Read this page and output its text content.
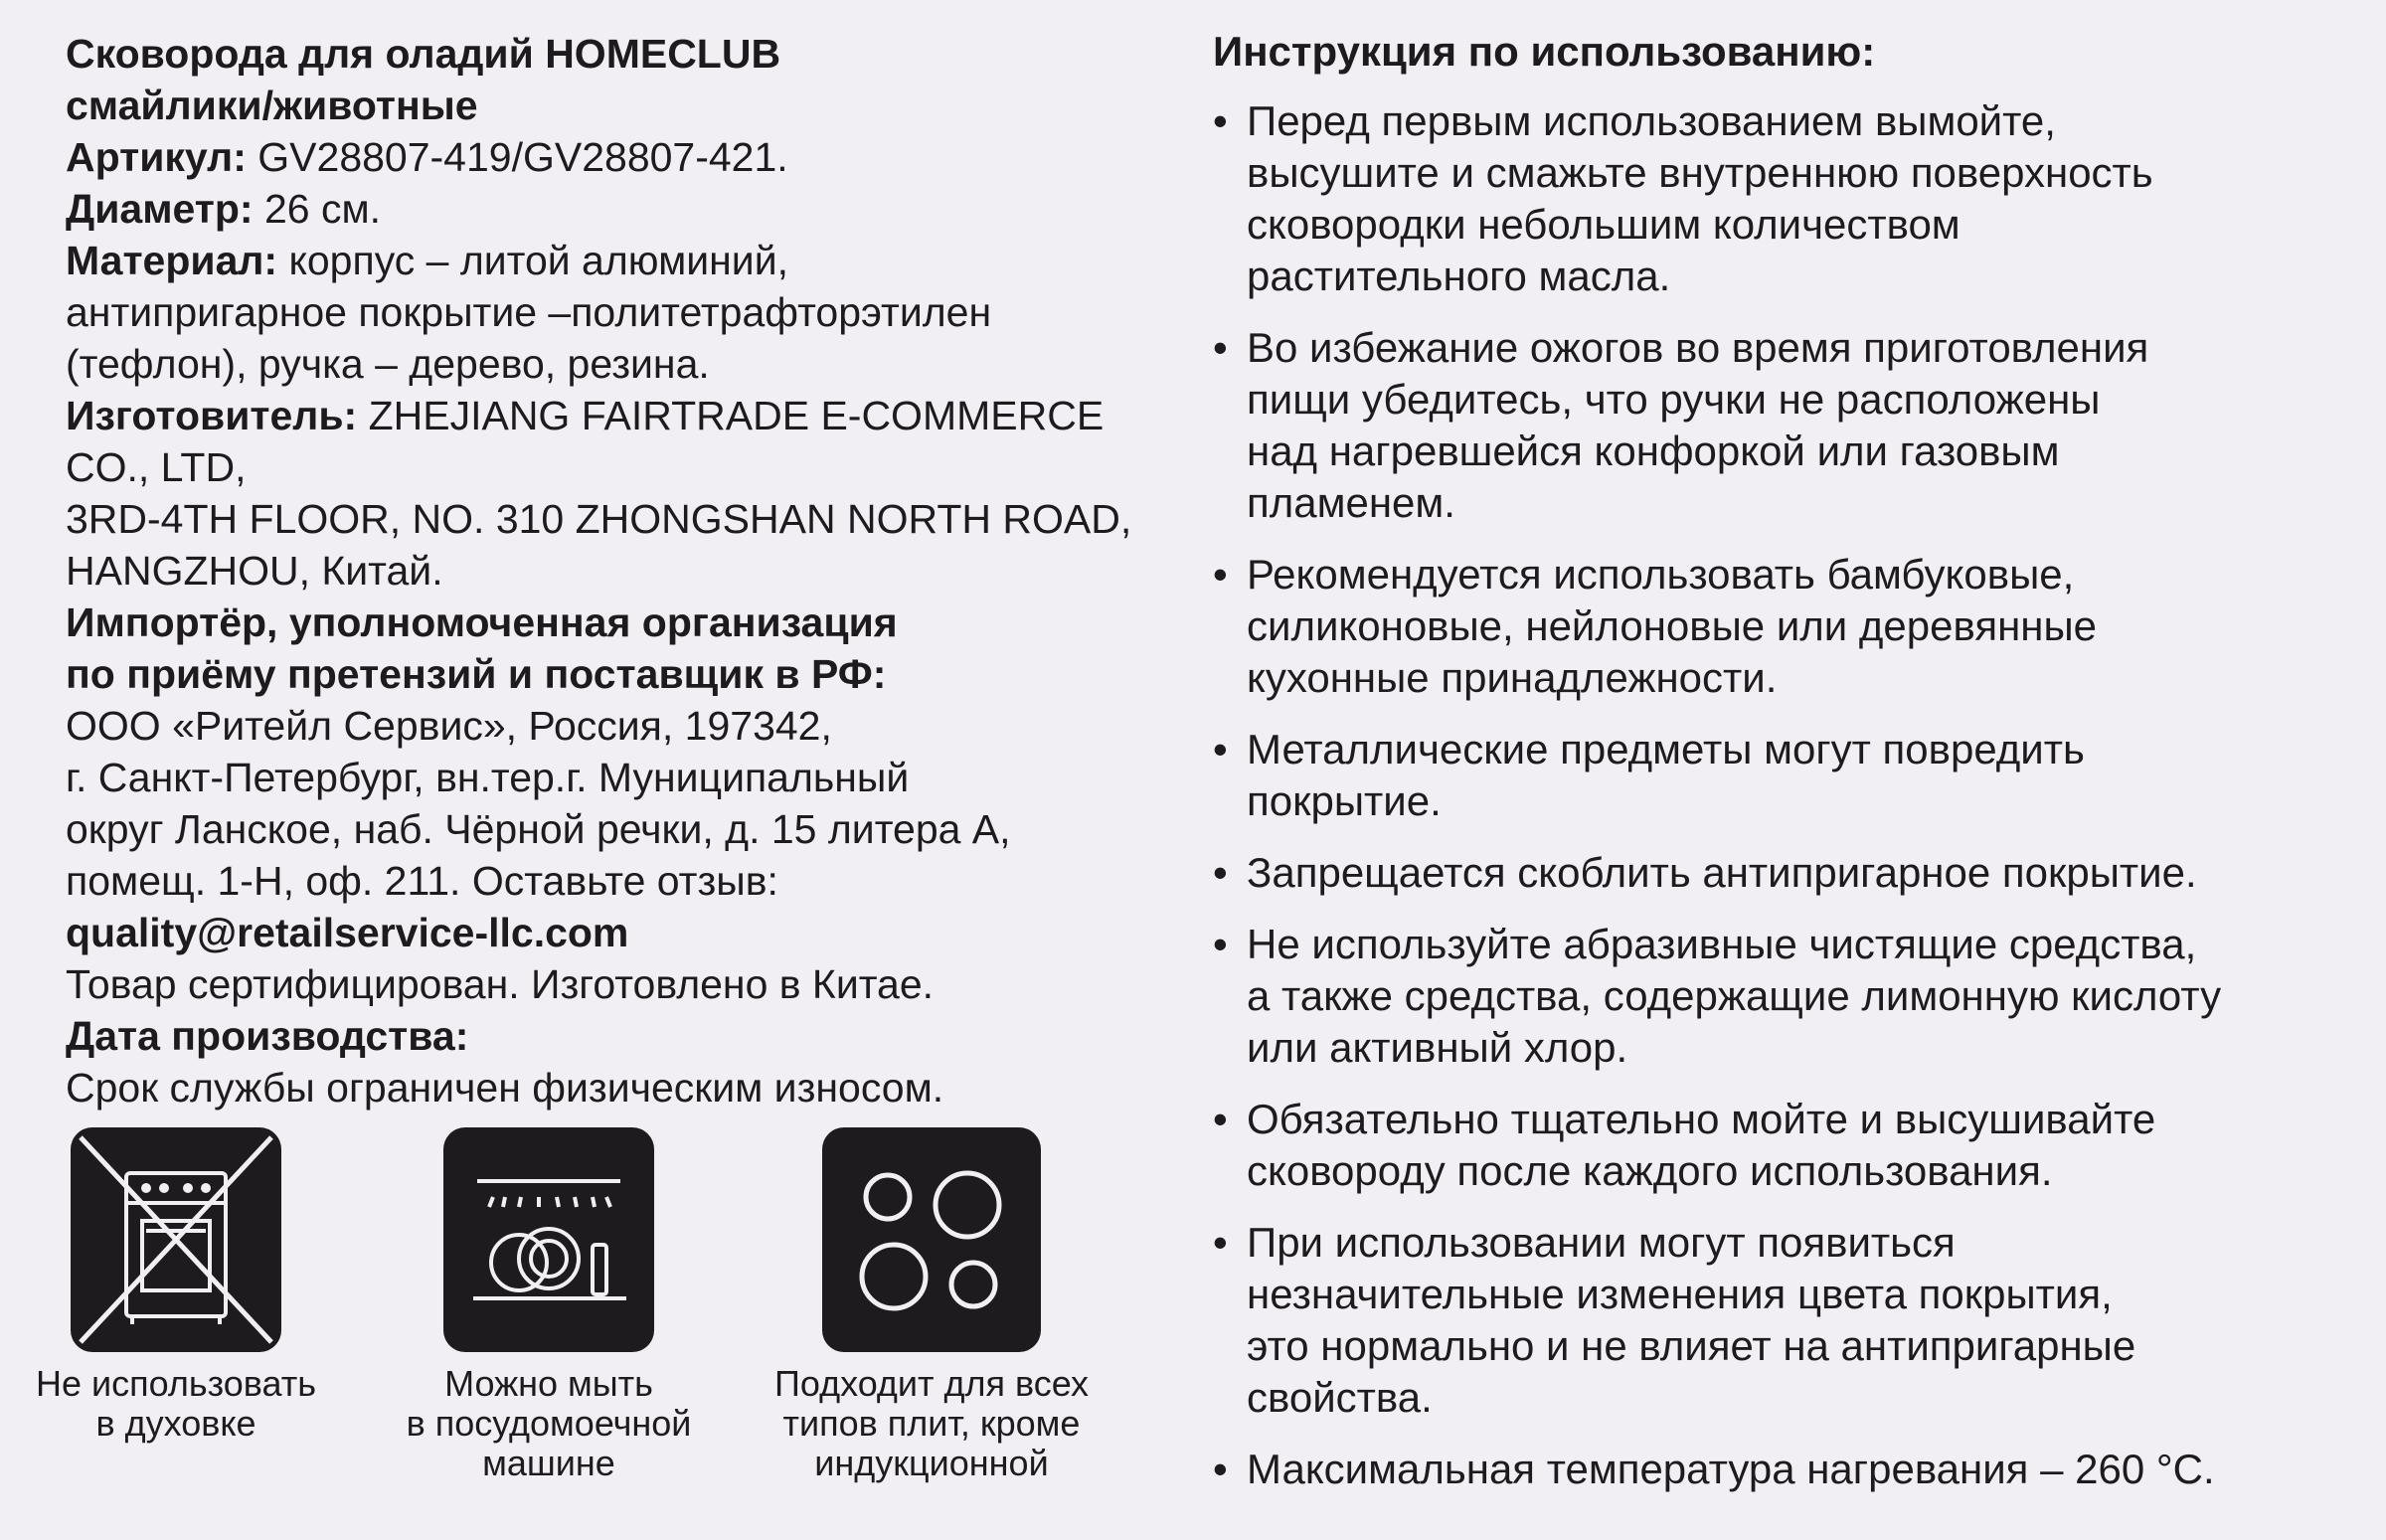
Сковорода для оладий HOMECLUB

смайлики/животные

Артикул: GV28807-419/GV28807-421.

Диаметр: 26 см.

Материал: корпус – литой алюминий,

антипригарное покрытие –политетрафторэтилен

(тефлон), ручка – дерево, резина.

Изготовитель: ZHEJIANG FAIRTRADE E-COMMERCE CO., LTD,

3RD-4TH FLOOR, NO. 310 ZHONGSHAN NORTH ROAD,

HANGZHOU, Китай.

Импортёр, уполномоченная организация

по приёму претензий и поставщик в РФ:

ООО «Ритейл Сервис», Россия, 197342,

г. Санкт-Петербург, вн.тер.г. Муниципальный

округ Ланское, наб. Чёрной речки, д. 15 литера А,

помещ. 1-Н, оф. 211. Оставьте отзыв:

quality@retailservice-llc.com

Товар сертифицирован. Изготовлено в Китае.

Дата производства:

Срок службы ограничен физическим износом.

Не использовать
в духовке
Можно мыть
в посудомоечной
машине
Подходит для всех
типов плит, кроме
индукционной
Инструкция по использованию:
• Перед первым использованием вымойте,
высушите и смажьте внутреннюю поверхность
сковородки небольшим количеством
растительного масла.
• Во избежание ожогов во время приготовления
пищи убедитесь, что ручки не расположены
над нагревшейся конфоркой или газовым
пламенем.
• Рекомендуется использовать бамбуковые,
силиконовые, нейлоновые или деревянные
кухонные принадлежности.
• Металлические предметы могут повредить
покрытие.
• Запрещается скоблить антипригарное покрытие.
• Не используйте абразивные чистящие средства,
а также средства, содержащие лимонную кислоту
или активный хлор.
• Обязательно тщательно мойте и высушивайте
сковороду после каждого использования.
• При использовании могут появиться
незначительные изменения цвета покрытия,
это нормально и не влияет на антипригарные
свойства.
• Максимальная температура нагревания – 260 °С.
